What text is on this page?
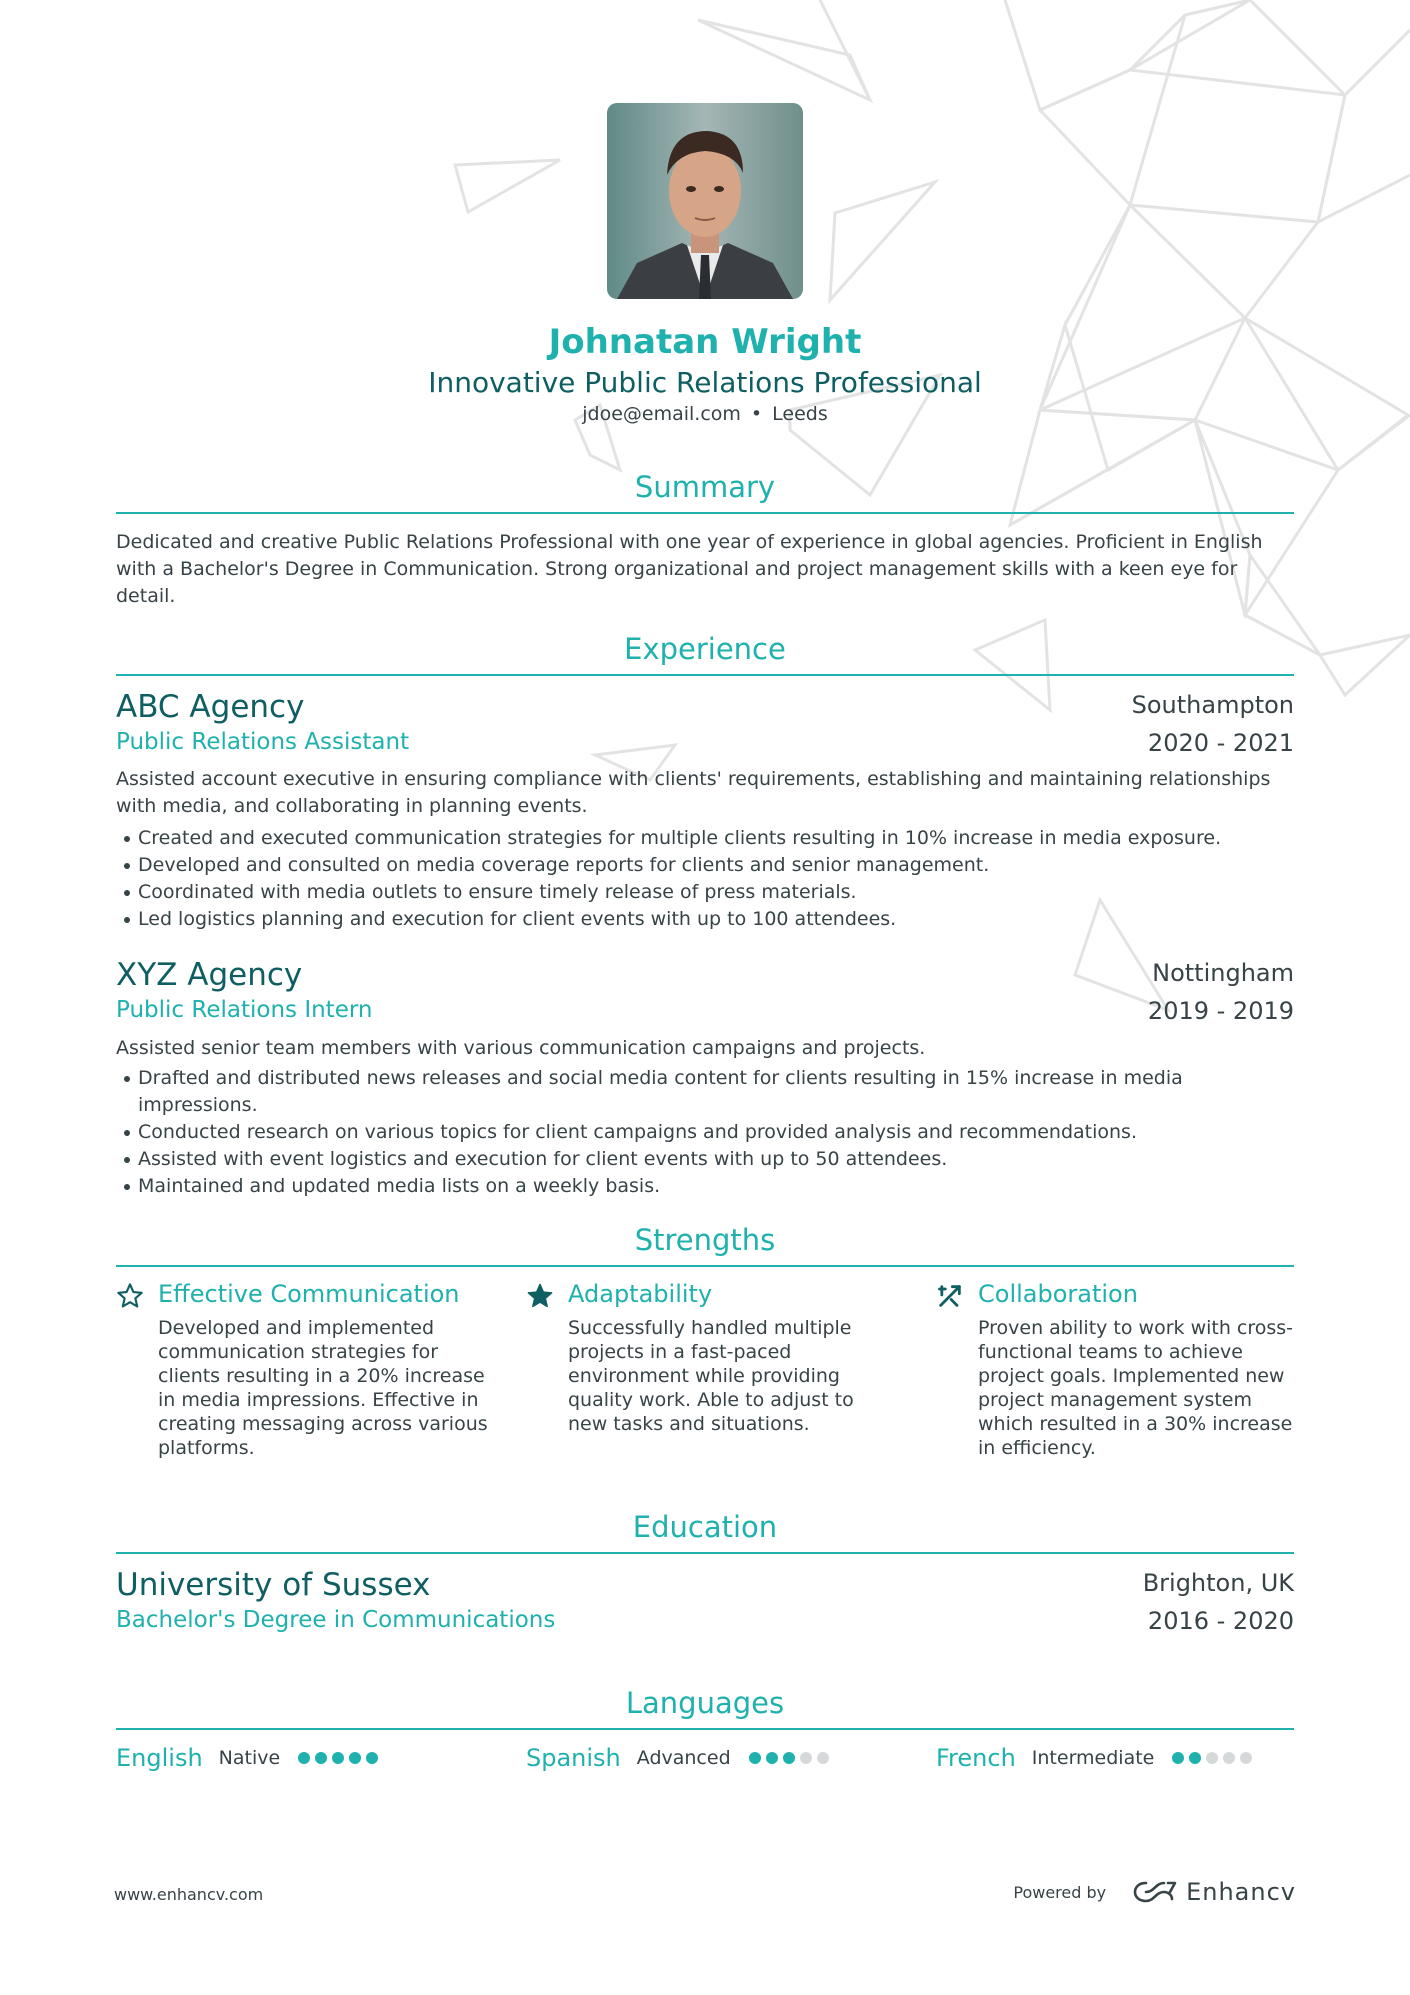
Johnatan Wright
Innovative Public Relations Professional
jdoe@email.com • Leeds
Summary
Dedicated and creative Public Relations Professional with one year of experience in global agencies. Proficient in English with a Bachelor's Degree in Communication. Strong organizational and project management skills with a keen eye for detail.
Experience
ABC Agency	Southampton
Public Relations Assistant	2020 - 2021
Assisted account executive in ensuring compliance with clients' requirements, establishing and maintaining relationships with media, and collaborating in planning events.
Created and executed communication strategies for multiple clients resulting in 10% increase in media exposure.
Developed and consulted on media coverage reports for clients and senior management.
Coordinated with media outlets to ensure timely release of press materials.
Led logistics planning and execution for client events with up to 100 attendees.
XYZ Agency	Nottingham
Public Relations Intern	2019 - 2019
Assisted senior team members with various communication campaigns and projects.
Drafted and distributed news releases and social media content for clients resulting in 15% increase in media impressions.
Conducted research on various topics for client campaigns and provided analysis and recommendations.
Assisted with event logistics and execution for client events with up to 50 attendees.
Maintained and updated media lists on a weekly basis.
Strengths
Effective Communication
Developed and implemented communication strategies for clients resulting in a 20% increase in media impressions. Effective in creating messaging across various platforms.
Adaptability
Successfully handled multiple projects in a fast-paced environment while providing quality work. Able to adjust to new tasks and situations.
Collaboration
Proven ability to work with cross-functional teams to achieve project goals. Implemented new project management system which resulted in a 30% increase in efficiency.
Education
University of Sussex	Brighton, UK
Bachelor's Degree in Communications	2016 - 2020
Languages
English Native	Spanish Advanced	French Intermediate
www.enhancv.com	Powered by	Enhancv
